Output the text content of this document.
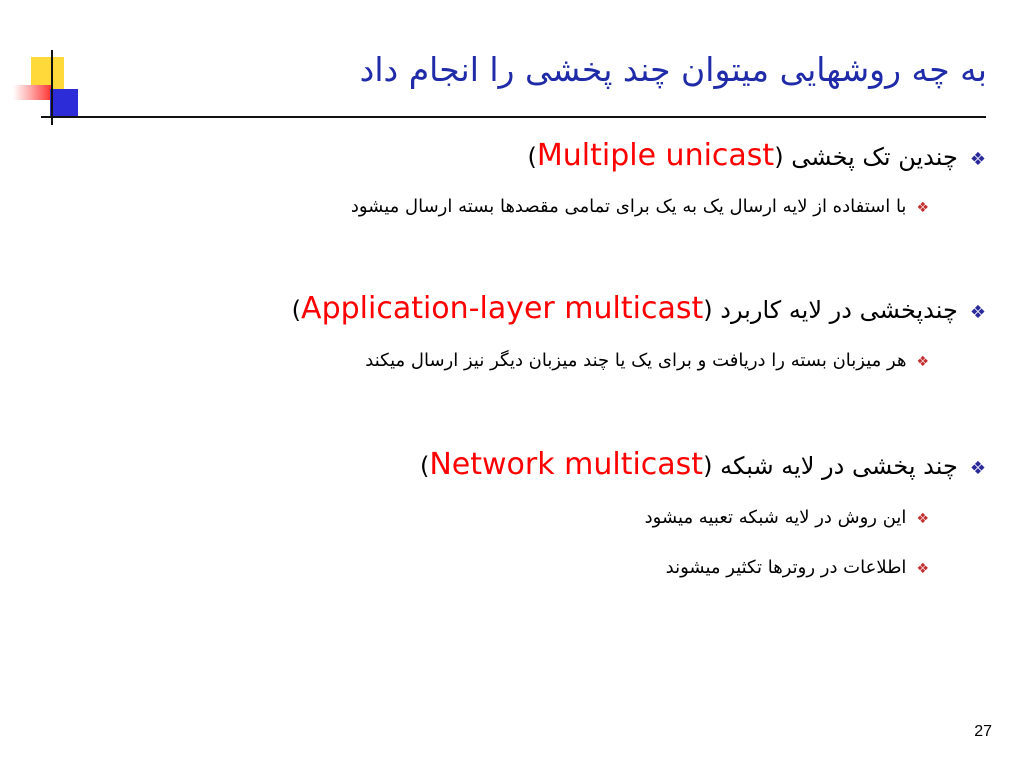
به چه روشهایی میتوان چند پخشی را انجام داد
❖
چندین تک پخشی

(
Multiple unicast
)
❖
با استفاده از لایه ارسال یک به یک برای تمامی مقصدها بسته ارسال میشود
❖
چندپخشی در لایه کاربرد

(
Application-layer multicast
)
❖
هر میزبان بسته را دریافت و برای یک یا چند میزبان دیگر نیز ارسال میکند
❖
چند پخشی در لایه شبکه

(
Network multicast
)
❖
این روش در لایه شبکه تعبیه میشود
❖
اطلاعات در روترها تکثیر میشوند
27
